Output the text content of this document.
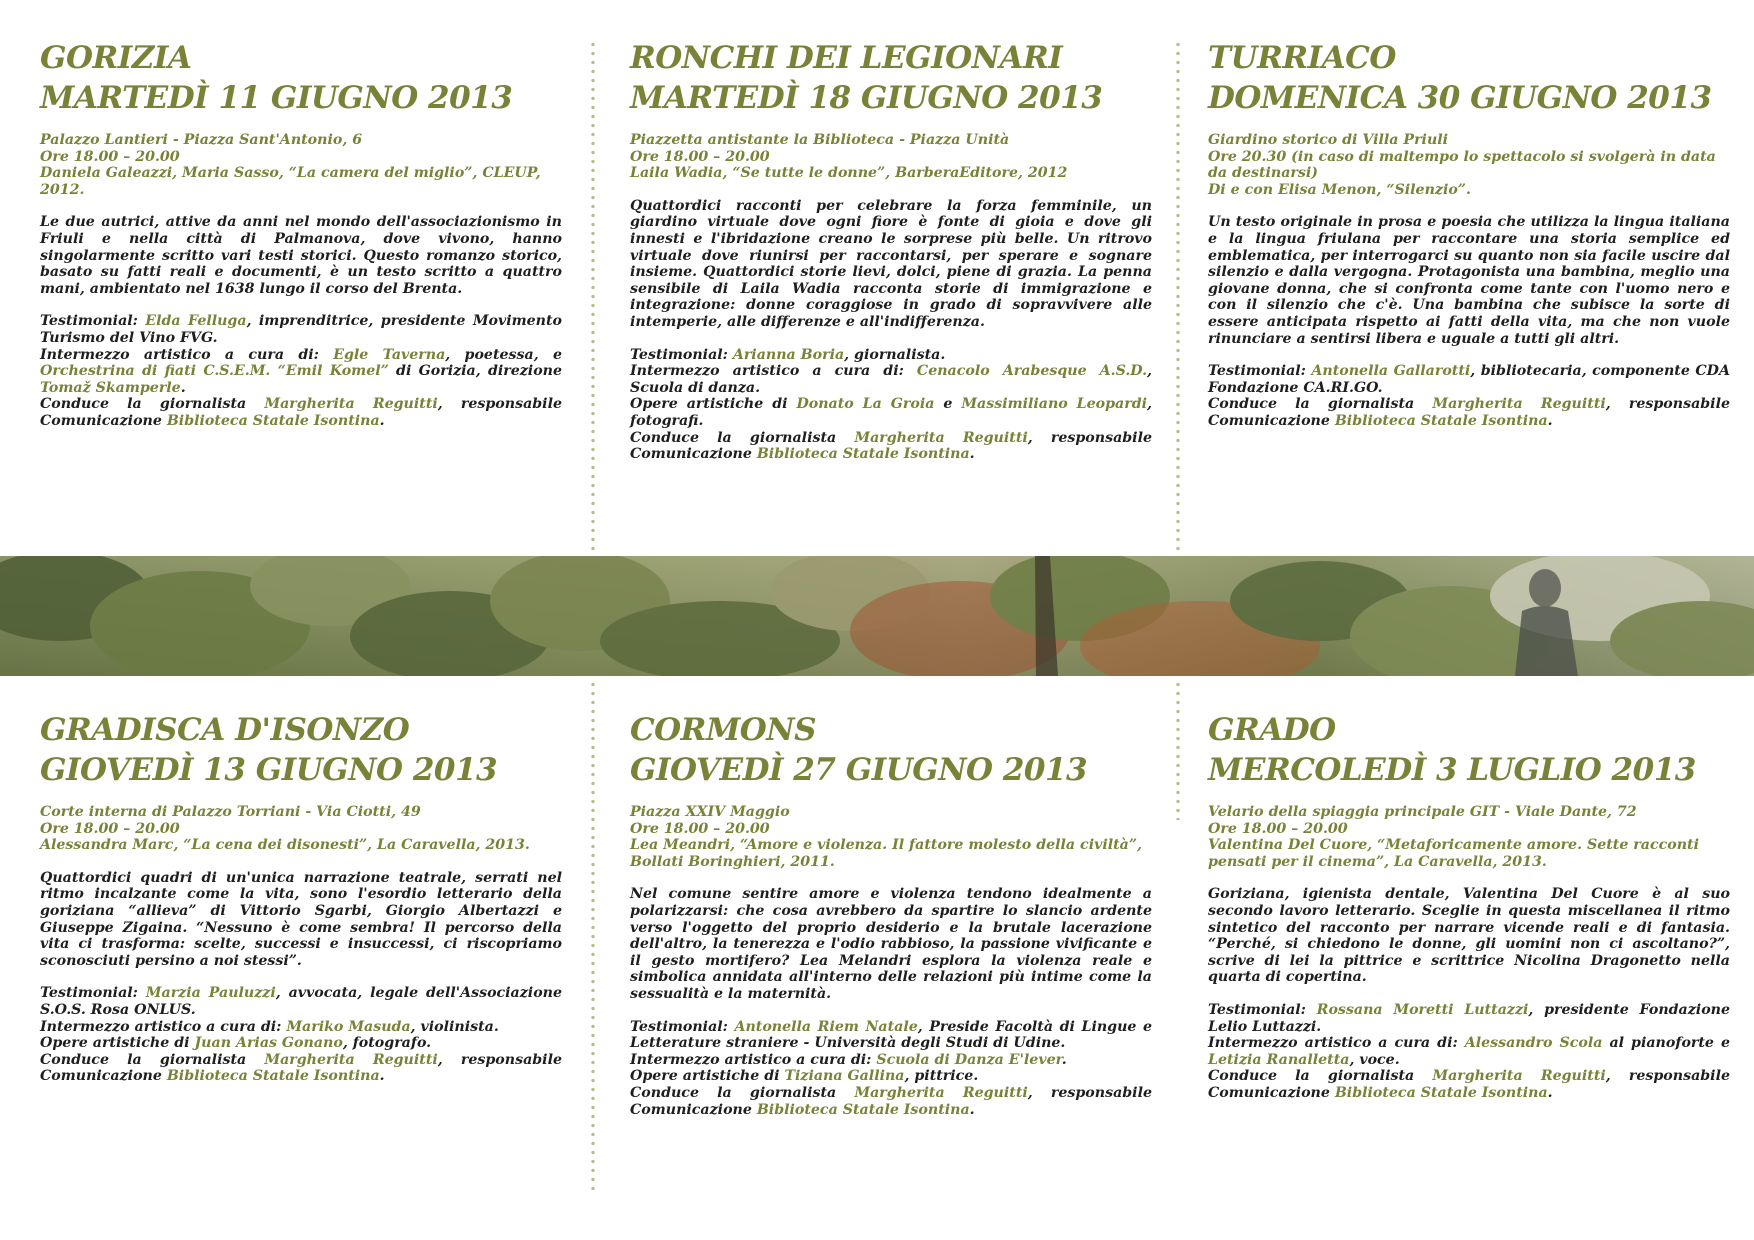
GORIZIA
MARTEDÌ 11 GIUGNO 2013
Palazzo Lantieri - Piazza Sant'Antonio, 6
Ore 18.00 – 20.00
Daniela Galeazzi, Maria Sasso, “La camera del miglio”, CLEUP, 2012.
Le due autrici, attive da anni nel mondo dell'associazionismo in Friuli e nella città di Palmanova, dove vivono, hanno singolarmente scritto vari testi storici. Questo romanzo storico, basato su fatti reali e documenti, è un testo scritto a quattro mani, ambientato nel 1638 lungo il corso del Brenta.

Testimonial: Elda Felluga, imprenditrice, presidente Movimento Turismo del Vino FVG.

Intermezzo artistico a cura di: Egle Taverna, poetessa, e Orchestrina di fiati C.S.E.M. “Emil Komel” di Gorizia, direzione Tomaž Skamperle.

Conduce la giornalista Margherita Reguitti, responsabile Comunicazione Biblioteca Statale Isontina.

RONCHI DEI LEGIONARI
MARTEDÌ 18 GIUGNO 2013
Piazzetta antistante la Biblioteca - Piazza Unità
Ore 18.00 – 20.00
Laila Wadia, “Se tutte le donne”, BarberaEditore, 2012
Quattordici racconti per celebrare la forza femminile, un giardino virtuale dove ogni fiore è fonte di gioia e dove gli innesti e l'ibridazione creano le sorprese più belle. Un ritrovo virtuale dove riunirsi per raccontarsi, per sperare e sognare insieme. Quattordici storie lievi, dolci, piene di grazia. La penna sensibile di Laila Wadia racconta storie di immigrazione e integrazione: donne coraggiose in grado di sopravvivere alle intemperie, alle differenze e all'indifferenza.

Testimonial: Arianna Boria, giornalista.

Intermezzo artistico a cura di: Cenacolo Arabesque A.S.D., Scuola di danza.

Opere artistiche di Donato La Groia e Massimiliano Leopardi, fotografi.

Conduce la giornalista Margherita Reguitti, responsabile Comunicazione Biblioteca Statale Isontina.

TURRIACO
DOMENICA 30 GIUGNO 2013
Giardino storico di Villa Priuli
Ore 20.30 (in caso di maltempo lo spettacolo si svolgerà in data da destinarsi)
Di e con Elisa Menon, “Silenzio”.
Un testo originale in prosa e poesia che utilizza la lingua italiana e la lingua friulana per raccontare una storia semplice ed emblematica, per interrogarci su quanto non sia facile uscire dal silenzio e dalla vergogna. Protagonista una bambina, meglio una giovane donna, che si confronta come tante con l'uomo nero e con il silenzio che c'è. Una bambina che subisce la sorte di essere anticipata rispetto ai fatti della vita, ma che non vuole rinunciare a sentirsi libera e uguale a tutti gli altri.

Testimonial: Antonella Gallarotti, bibliotecaria, componente CDA Fondazione CA.RI.GO.

Conduce la giornalista Margherita Reguitti, responsabile Comunicazione Biblioteca Statale Isontina.

GRADISCA D'ISONZO
GIOVEDÌ 13 GIUGNO 2013
Corte interna di Palazzo Torriani - Via Ciotti, 49
Ore 18.00 – 20.00
Alessandra Marc, “La cena dei disonesti”, La Caravella, 2013.
Quattordici quadri di un'unica narrazione teatrale, serrati nel ritmo incalzante come la vita, sono l'esordio letterario della goriziana “allieva” di Vittorio Sgarbi, Giorgio Albertazzi e Giuseppe Zigaina. “Nessuno è come sembra! Il percorso della vita ci trasforma: scelte, successi e insuccessi, ci riscopriamo sconosciuti persino a noi stessi”.

Testimonial: Marzia Pauluzzi, avvocata, legale dell'Associazione S.O.S. Rosa ONLUS.

Intermezzo artistico a cura di: Mariko Masuda, violinista.

Opere artistiche di Juan Arias Gonano, fotografo.

Conduce la giornalista Margherita Reguitti, responsabile Comunicazione Biblioteca Statale Isontina.

CORMONS
GIOVEDÌ 27 GIUGNO 2013
Piazza XXIV Maggio
Ore 18.00 – 20.00
Lea Meandri, “Amore e violenza. Il fattore molesto della civiltà”, Bollati Boringhieri, 2011.
Nel comune sentire amore e violenza tendono idealmente a polarizzarsi: che cosa avrebbero da spartire lo slancio ardente verso l'oggetto del proprio desiderio e la brutale lacerazione dell'altro, la tenerezza e l'odio rabbioso, la passione vivificante e il gesto mortifero? Lea Melandri esplora la violenza reale e simbolica annidata all'interno delle relazioni più intime come la sessualità e la maternità.

Testimonial: Antonella Riem Natale, Preside Facoltà di Lingue e Letterature straniere - Università degli Studi di Udine.

Intermezzo artistico a cura di: Scuola di Danza E'lever.

Opere artistiche di Tiziana Gallina, pittrice.

Conduce la giornalista Margherita Reguitti, responsabile Comunicazione Biblioteca Statale Isontina.

GRADO
MERCOLEDÌ 3 LUGLIO 2013
Velario della spiaggia principale GIT - Viale Dante, 72
Ore 18.00 – 20.00
Valentina Del Cuore, “Metaforicamente amore. Sette racconti pensati per il cinema”, La Caravella, 2013.
Goriziana, igienista dentale, Valentina Del Cuore è al suo secondo lavoro letterario. Sceglie in questa miscellanea il ritmo sintetico del racconto per narrare vicende reali e di fantasia. “Perché, si chiedono le donne, gli uomini non ci ascoltano?”, scrive di lei la pittrice e scrittrice Nicolina Dragonetto nella quarta di copertina.

Testimonial: Rossana Moretti Luttazzi, presidente Fondazione Lelio Luttazzi.

Intermezzo artistico a cura di: Alessandro Scola al pianoforte e Letizia Ranalletta, voce.

Conduce la giornalista Margherita Reguitti, responsabile Comunicazione Biblioteca Statale Isontina.
